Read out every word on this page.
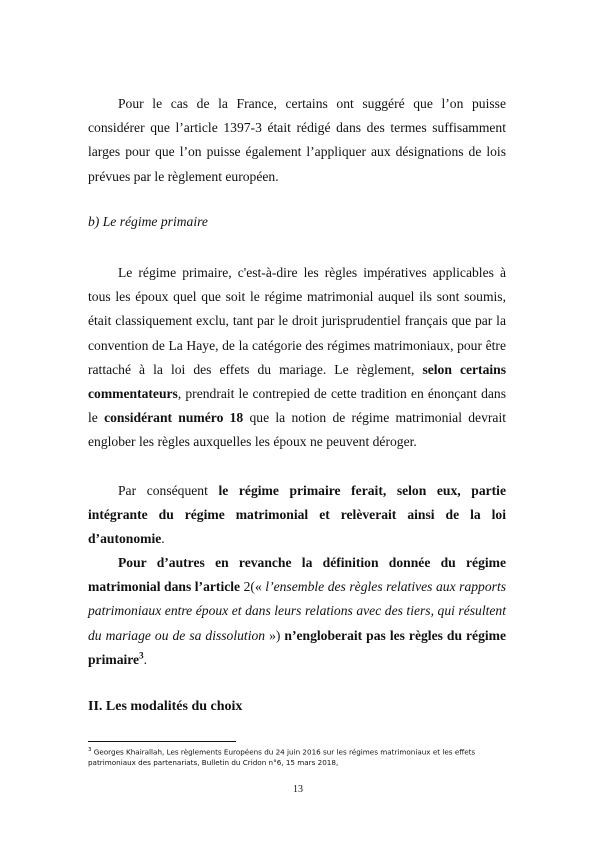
Pour le cas de la France, certains ont suggéré que l’on puisse considérer que l’article 1397-3 était rédigé dans des termes suffisamment larges pour que l’on puisse également l’appliquer aux désignations de lois prévues par le règlement européen.

b) Le régime primaire

Le régime primaire, c'est-à-dire les règles impératives applicables à tous les époux quel que soit le régime matrimonial auquel ils sont soumis, était classiquement exclu, tant par le droit jurisprudentiel français que par la convention de La Haye, de la catégorie des régimes matrimoniaux, pour être rattaché à la loi des effets du mariage. Le règlement, selon certains commentateurs, prendrait le contrepied de cette tradition en énonçant dans le considérant numéro 18 que la notion de régime matrimonial devrait englober les règles auxquelles les époux ne peuvent déroger.

Par conséquent le régime primaire ferait, selon eux, partie intégrante du régime matrimonial et relèverait ainsi de la loi d’autonomie.

Pour d’autres en revanche la définition donnée du régime matrimonial dans l’article 2(« l’ensemble des règles relatives aux rapports patrimoniaux entre époux et dans leurs relations avec des tiers, qui résultent du mariage ou de sa dissolution ») n’engloberait pas les règles du régime primaire$^3$.

II. Les modalités du choix

$^3$ Georges Khairallah, Les règlements Européens du 24 juin 2016 sur les régimes matrimoniaux et les effets patrimoniaux des partenariats, Bulletin du Cridon n°6, 15 mars 2018,

13
